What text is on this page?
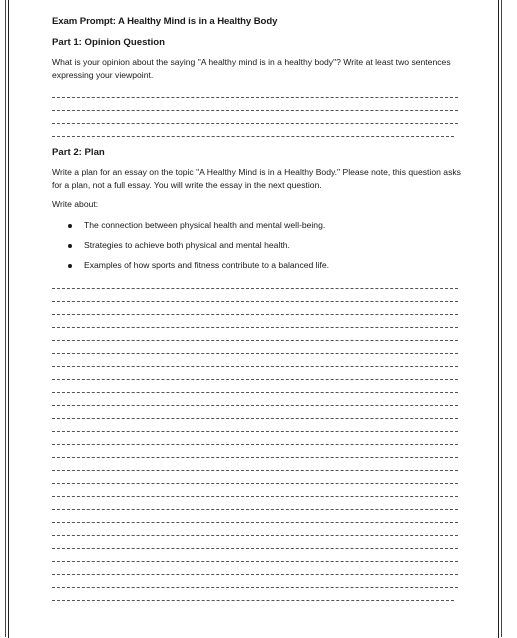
Exam Prompt: A Healthy Mind is in a Healthy Body

Part 1: Opinion Question

What is your opinion about the saying "A healthy mind is in a healthy body"? Write at least two sentences expressing your viewpoint.

Part 2: Plan

Write a plan for an essay on the topic "A Healthy Mind is in a Healthy Body." Please note, this question asks for a plan, not a full essay. You will write the essay in the next question.

Write about:

The connection between physical health and mental well-being.
Strategies to achieve both physical and mental health.
Examples of how sports and fitness contribute to a balanced life.
